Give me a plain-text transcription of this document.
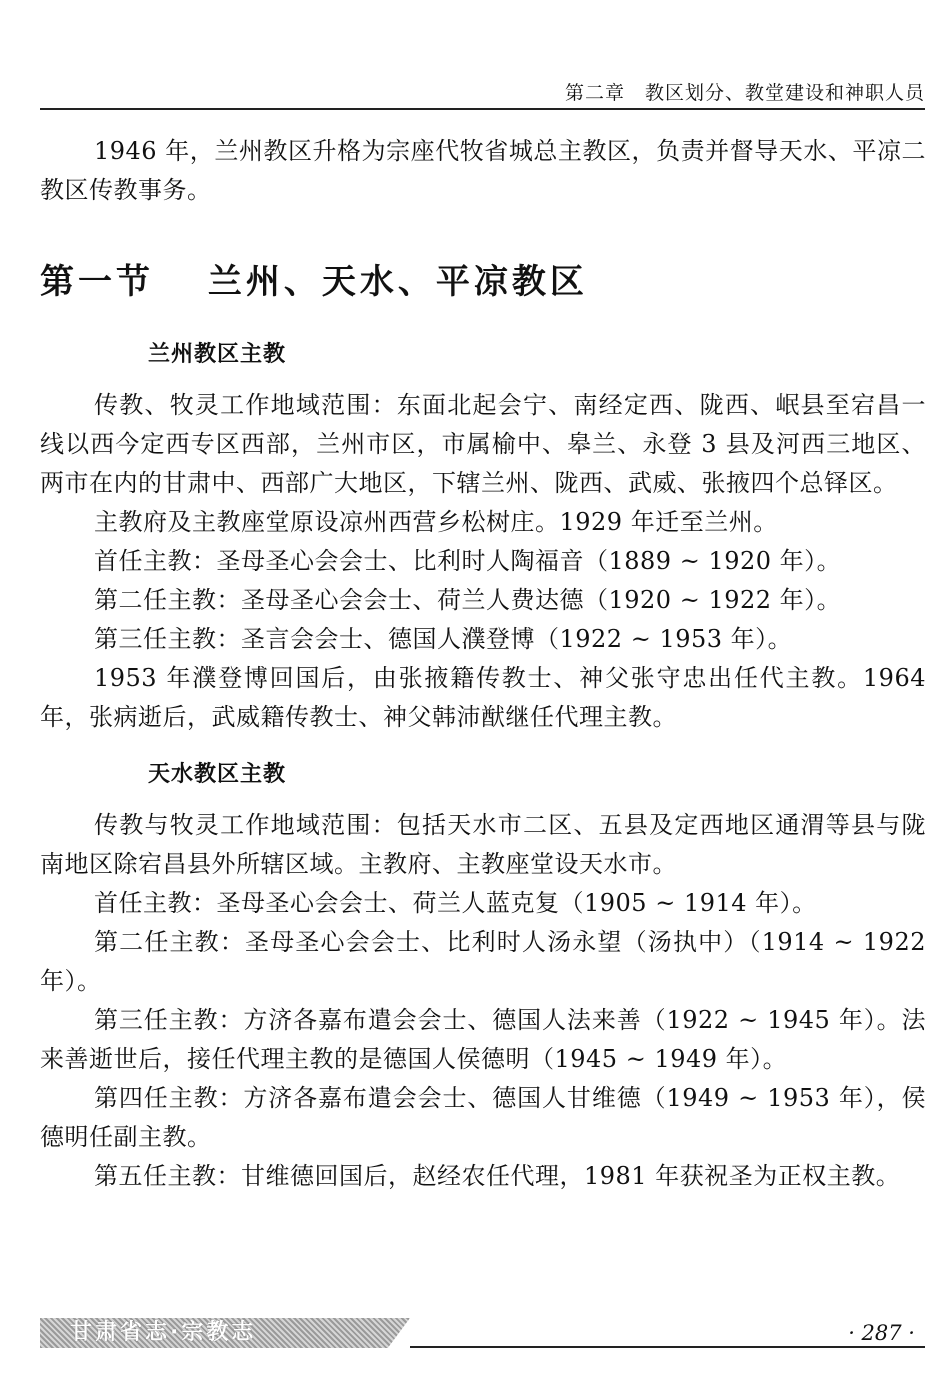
第二章　教区划分、教堂建设和神职人员

1946 年，兰州教区升格为宗座代牧省城总主教区，负责并督导天水、平凉二教区传教事务。

第一节　 兰州、天水、平凉教区
兰州教区主教

传教、牧灵工作地域范围：东面北起会宁、南经定西、陇西、岷县至宕昌一线以西今定西专区西部，兰州市区，市属榆中、皋兰、永登 3 县及河西三地区、两市在内的甘肃中、西部广大地区，下辖兰州、陇西、武威、张掖四个总铎区。

主教府及主教座堂原设凉州西营乡松树庄。1929 年迁至兰州。

首任主教：圣母圣心会会士、比利时人陶福音（1889 ~ 1920 年）。

第二任主教：圣母圣心会会士、荷兰人费达德（1920 ~ 1922 年）。

第三任主教：圣言会会士、德国人濮登博（1922 ~ 1953 年）。

1953 年濮登博回国后，由张掖籍传教士、神父张守忠出任代主教。1964 年，张病逝后，武威籍传教士、神父韩沛猷继任代理主教。

天水教区主教

传教与牧灵工作地域范围：包括天水市二区、五县及定西地区通渭等县与陇南地区除宕昌县外所辖区域。主教府、主教座堂设天水市。

首任主教：圣母圣心会会士、荷兰人蓝克复（1905 ~ 1914 年）。

第二任主教：圣母圣心会会士、比利时人汤永望（汤执中）（1914 ~ 1922 年）。

第三任主教：方济各嘉布遣会会士、德国人法来善（1922 ~ 1945 年）。法来善逝世后，接任代理主教的是德国人侯德明（1945 ~ 1949 年）。

第四任主教：方济各嘉布遣会会士、德国人甘维德（1949 ~ 1953 年），侯德明任副主教。

第五任主教：甘维德回国后，赵经农任代理，1981 年获祝圣为正权主教。

甘肃省志·宗教志	· 287 ·
